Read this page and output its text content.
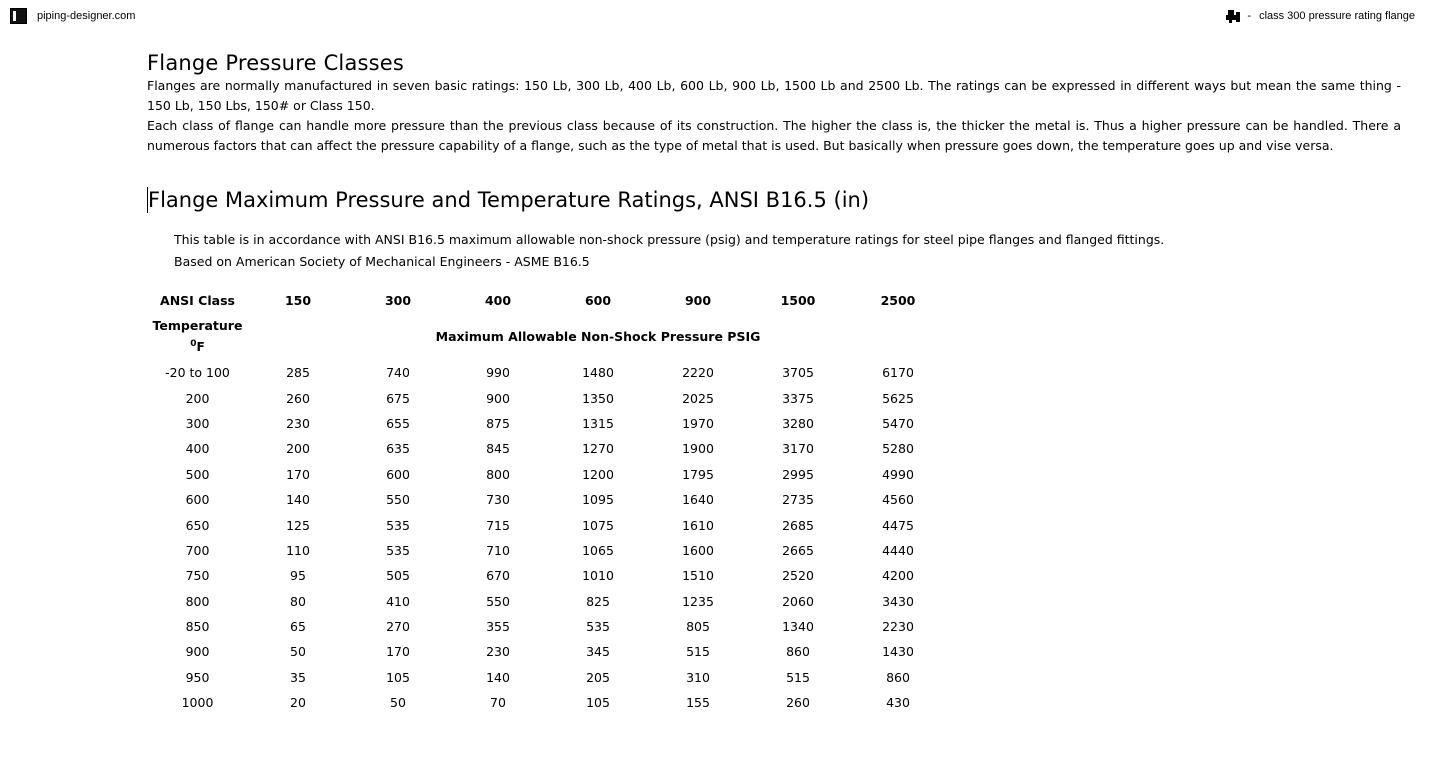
piping-designer.com	- class 300 pressure rating flange
Flange Pressure Classes

Flanges are normally manufactured in seven basic ratings: 150 Lb, 300 Lb, 400 Lb, 600 Lb, 900 Lb, 1500 Lb and 2500 Lb. The ratings can be expressed in different ways but mean the same thing - 150 Lb, 150 Lbs, 150# or Class 150.

Each class of flange can handle more pressure than the previous class because of its construction. The higher the class is, the thicker the metal is. Thus a higher pressure can be handled. There a numerous factors that can affect the pressure capability of a flange, such as the type of metal that is used. But basically when pressure goes down, the temperature goes up and vise versa.

Flange Maximum Pressure and Temperature Ratings, ANSI B16.5 (in)
This table is in accordance with ANSI B16.5 maximum allowable non-shock pressure (psig) and temperature ratings for steel pipe flanges and flanged fittings.
Based on American Society of Mechanical Engineers - ASME B16.5
ANSI Class	150	300	400	600	900	1500	2500
Temperature
$^0$F	Maximum Allowable Non-Shock Pressure PSIG						
-20 to 100	285	740	990	1480	2220	3705	6170
200	260	675	900	1350	2025	3375	5625
300	230	655	875	1315	1970	3280	5470
400	200	635	845	1270	1900	3170	5280
500	170	600	800	1200	1795	2995	4990
600	140	550	730	1095	1640	2735	4560
650	125	535	715	1075	1610	2685	4475
700	110	535	710	1065	1600	2665	4440
750	95	505	670	1010	1510	2520	4200
800	80	410	550	825	1235	2060	3430
850	65	270	355	535	805	1340	2230
900	50	170	230	345	515	860	1430
950	35	105	140	205	310	515	860
1000	20	50	70	105	155	260	430
